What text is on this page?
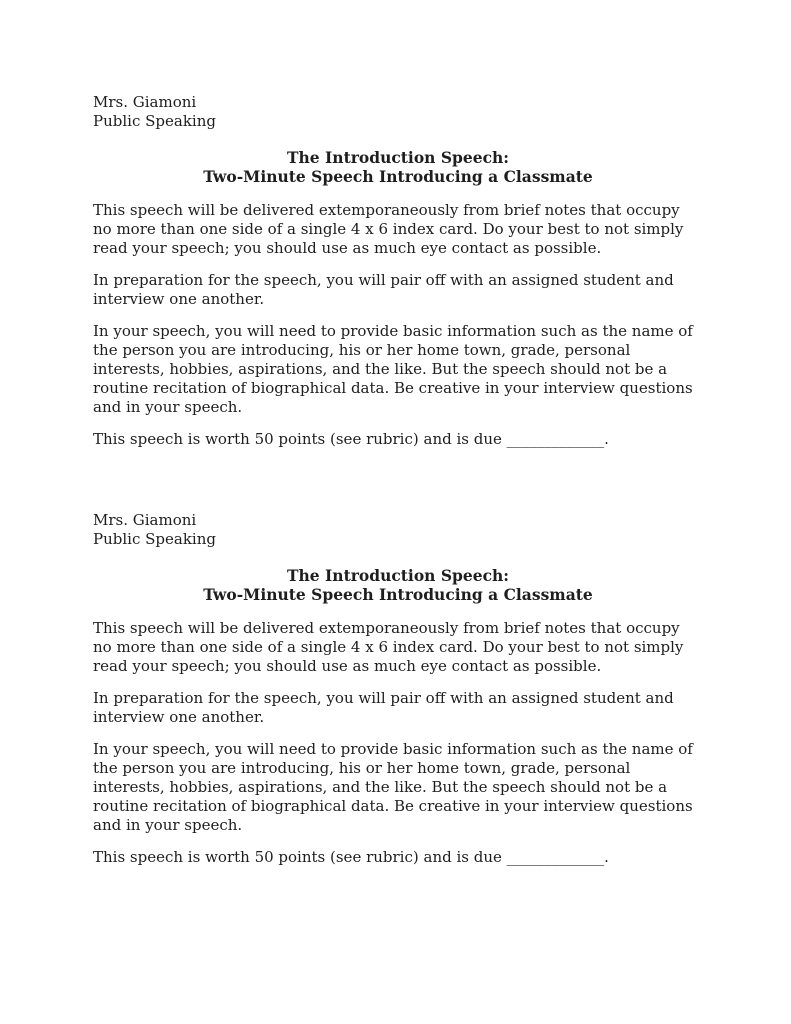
Mrs. Giamoni
Public Speaking
The Introduction Speech:
Two-Minute Speech Introducing a Classmate

This speech will be delivered extemporaneously from brief notes that occupy no more than one side of a single 4 x 6 index card. Do your best to not simply read your speech; you should use as much eye contact as possible.

In preparation for the speech, you will pair off with an assigned student and interview one another.

In your speech, you will need to provide basic information such as the name of the person you are introducing, his or her home town, grade, personal interests, hobbies, aspirations, and the like. But the speech should not be a routine recitation of biographical data. Be creative in your interview questions and in your speech.

This speech is worth 50 points (see rubric) and is due _____________.

Mrs. Giamoni
Public Speaking
The Introduction Speech:
Two-Minute Speech Introducing a Classmate

This speech will be delivered extemporaneously from brief notes that occupy no more than one side of a single 4 x 6 index card. Do your best to not simply read your speech; you should use as much eye contact as possible.

In preparation for the speech, you will pair off with an assigned student and interview one another.

In your speech, you will need to provide basic information such as the name of the person you are introducing, his or her home town, grade, personal interests, hobbies, aspirations, and the like. But the speech should not be a routine recitation of biographical data. Be creative in your interview questions and in your speech.

This speech is worth 50 points (see rubric) and is due _____________.
